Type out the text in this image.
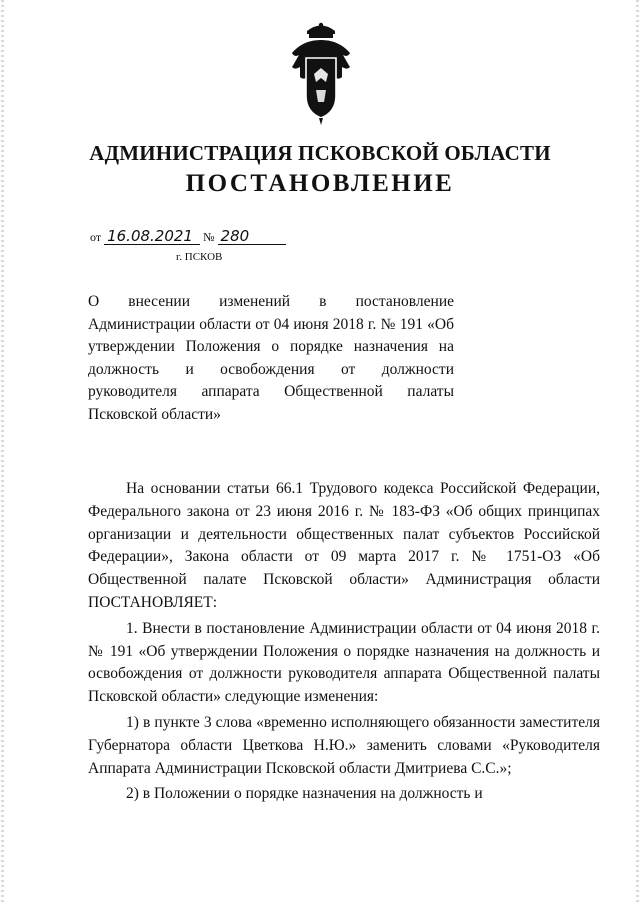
АДМИНИСТРАЦИЯ ПСКОВСКОЙ ОБЛАСТИ
ПОСТАНОВЛЕНИЕ
от 16.08.2021 № 280
г. ПСКОВ

О внесении изменений в постановление Администрации области от 04 июня 2018 г. № 191 «Об утверждении Положения о порядке назначения на должность и освобождения от должности руководителя аппарата Общественной палаты Псковской области»

На основании статьи 66.1 Трудового кодекса Российской Федерации, Федерального закона от 23 июня 2016 г. № 183-ФЗ «Об общих принципах организации и деятельности общественных палат субъектов Российской Федерации», Закона области от 09 марта 2017 г. № 1751-ОЗ «Об Общественной палате Псковской области» Администрация области ПОСТАНОВЛЯЕТ:

1. Внести в постановление Администрации области от 04 июня 2018 г. № 191 «Об утверждении Положения о порядке назначения на должность и освобождения от должности руководителя аппарата Общественной палаты Псковской области» следующие изменения:

1) в пункте 3 слова «временно исполняющего обязанности заместителя Губернатора области Цветкова Н.Ю.» заменить словами «Руководителя Аппарата Администрации Псковской области Дмитриева С.С.»;

2) в Положении о порядке назначения на должность и
